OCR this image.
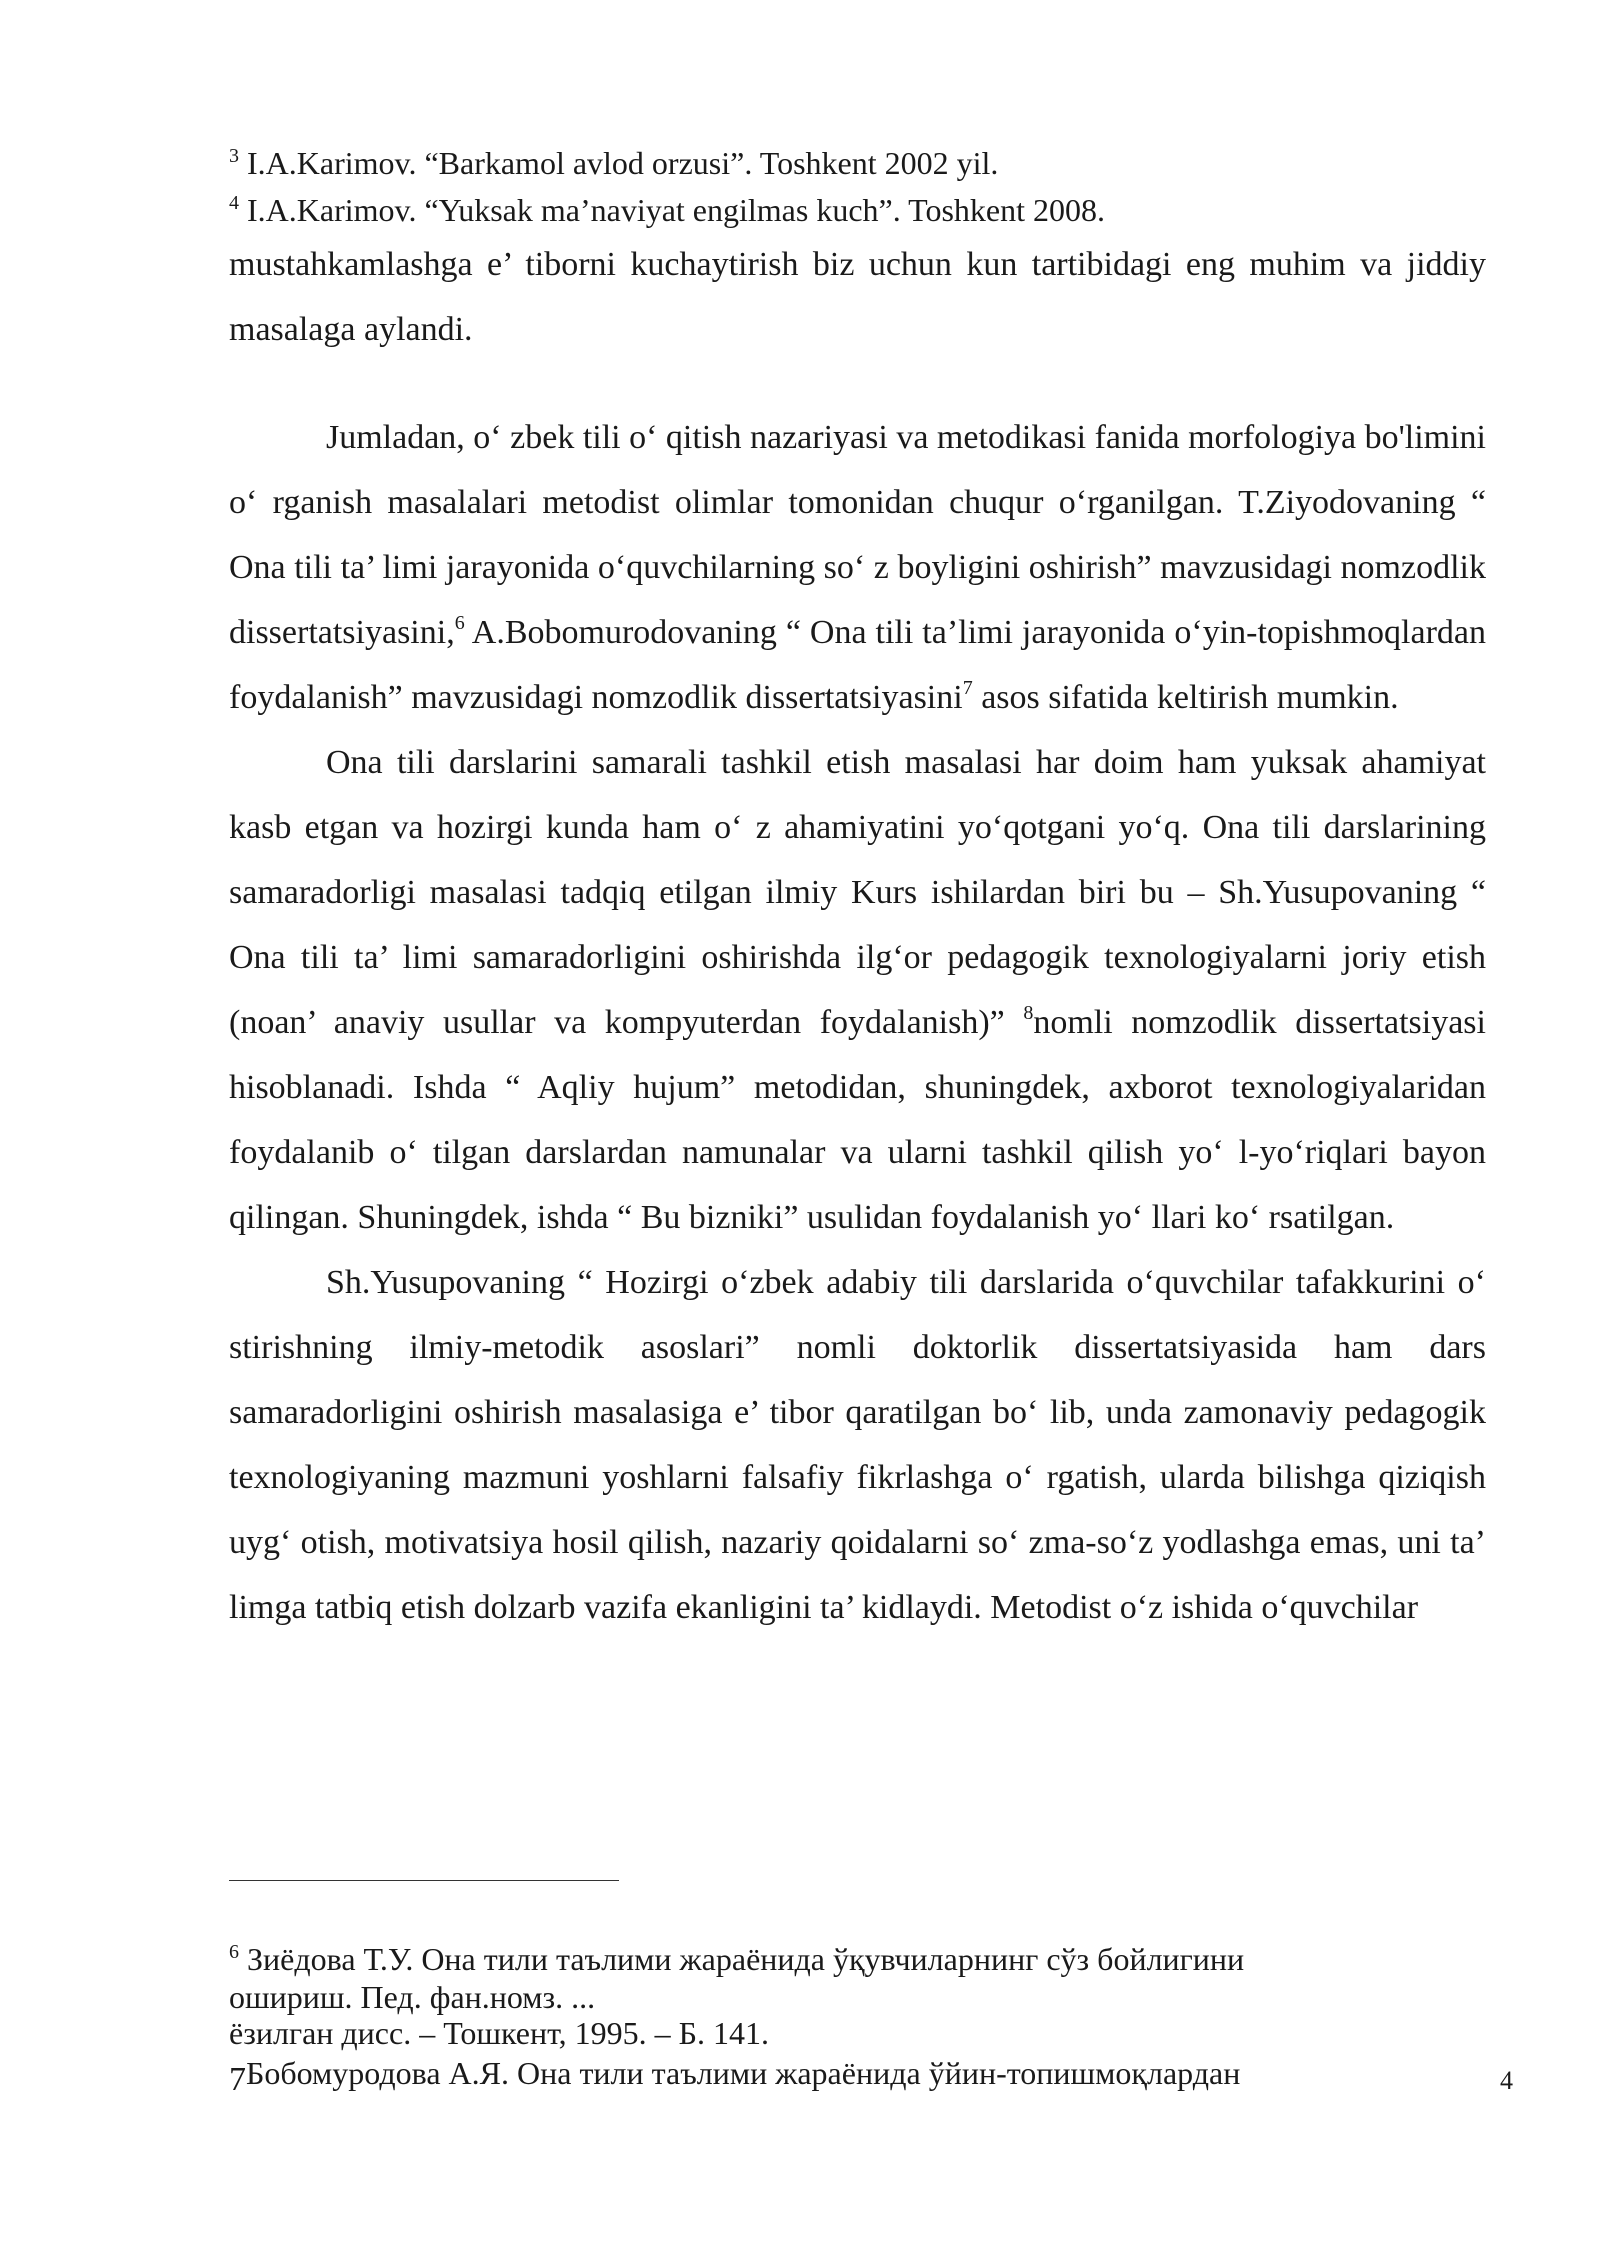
$^3$ I.A.Karimov. “Barkamol avlod orzusi”. Toshkent 2002 yil.
$^4$ I.A.Karimov. “Yuksak ma’naviyat engilmas kuch”. Toshkent 2008.

mustahkamlashga e’ tiborni kuchaytirish biz uchun kun tartibidagi eng muhim va jiddiy masalaga aylandi.

Jumladan, o‘ zbek tili o‘ qitish nazariyasi va metodikasi fanida morfologiya bo'limini o‘ rganish masalalari metodist olimlar tomonidan chuqur o‘rganilgan. T.Ziyodovaning “ Ona tili ta’ limi jarayonida o‘quvchilarning so‘ z boyligini oshirish” mavzusidagi nomzodlik dissertatsiyasini,$^6$ A.Bobomurodovaning “ Ona tili ta’limi jarayonida o‘yin-topishmoqlardan foydalanish” mavzusidagi nomzodlik dissertatsiyasini$^7$ asos sifatida keltirish mumkin.

Ona tili darslarini samarali tashkil etish masalasi har doim ham yuksak ahamiyat kasb etgan va hozirgi kunda ham o‘ z ahamiyatini yo‘qotgani yo‘q. Ona tili darslarining samaradorligi masalasi tadqiq etilgan ilmiy Kurs ishilardan biri bu – Sh.Yusupovaning “ Ona tili ta’ limi samaradorligini oshirishda ilg‘or pedagogik texnologiyalarni joriy etish (noan’ anaviy usullar va kompyuterdan foydalanish)” $^8$nomli nomzodlik dissertatsiyasi hisoblanadi. Ishda “ Aqliy hujum” metodidan, shuningdek, axborot texnologiyalaridan foydalanib o‘ tilgan darslardan namunalar va ularni tashkil qilish yo‘ l-yo‘riqlari bayon qilingan. Shuningdek, ishda “ Bu bizniki” usulidan foydalanish yo‘ llari ko‘ rsatilgan.

Sh.Yusupovaning “ Hozirgi o‘zbek adabiy tili darslarida o‘quvchilar tafakkurini o‘ stirishning ilmiy-metodik asoslari” nomli doktorlik dissertatsiyasida ham dars samaradorligini oshirish masalasiga e’ tibor qaratilgan bo‘ lib, unda zamonaviy pedagogik texnologiyaning mazmuni yoshlarni falsafiy fikrlashga o‘ rgatish, ularda bilishga qiziqish uyg‘ otish, motivatsiya hosil qilish, nazariy qoidalarni so‘ zma-so‘z yodlashga emas, uni ta’ limga tatbiq etish dolzarb vazifa ekanligini ta’ kidlaydi. Metodist o‘z ishida o‘quvchilar

$^6$ Зиёдова Т.У. Она тили таълими жараёнида ўқувчиларнинг сўз бойлигини
ошириш. Пед. фан.номз. ...
ёзилган дисс. – Тошкент, 1995. – Б. 141.
7Бобомуродова А.Я. Она тили таълими жараёнида ўйин-топишмоқлардан	4
